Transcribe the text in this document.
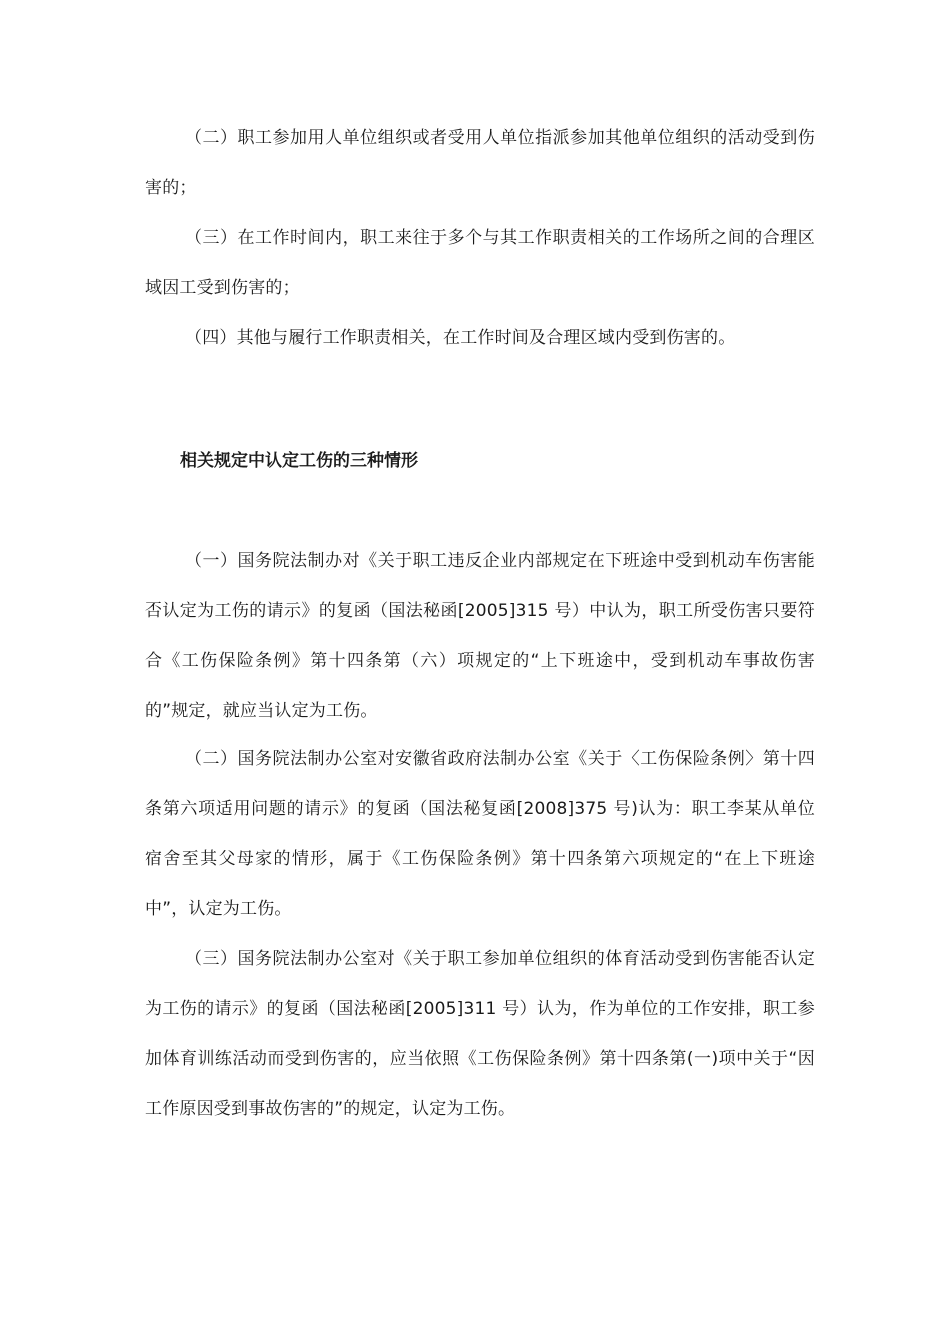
（二）职工参加用人单位组织或者受用人单位指派参加其他单位组织的活动受到伤害的；

（三）在工作时间内，职工来往于多个与其工作职责相关的工作场所之间的合理区域因工受到伤害的；

（四）其他与履行工作职责相关，在工作时间及合理区域内受到伤害的。

相关规定中认定工伤的三种情形

（一）国务院法制办对《关于职工违反企业内部规定在下班途中受到机动车伤害能否认定为工伤的请示》的复函（国法秘函[2005]315 号）中认为，职工所受伤害只要符合《工伤保险条例》第十四条第（六）项规定的“上下班途中，受到机动车事故伤害的”规定，就应当认定为工伤。

（二）国务院法制办公室对安徽省政府法制办公室《关于〈工伤保险条例〉第十四条第六项适用问题的请示》的复函（国法秘复函[2008]375 号)认为：职工李某从单位宿舍至其父母家的情形，属于《工伤保险条例》第十四条第六项规定的“在上下班途中”，认定为工伤。

（三）国务院法制办公室对《关于职工参加单位组织的体育活动受到伤害能否认定为工伤的请示》的复函（国法秘函[2005]311 号）认为，作为单位的工作安排，职工参加体育训练活动而受到伤害的，应当依照《工伤保险条例》第十四条第(一)项中关于“因工作原因受到事故伤害的”的规定，认定为工伤。
